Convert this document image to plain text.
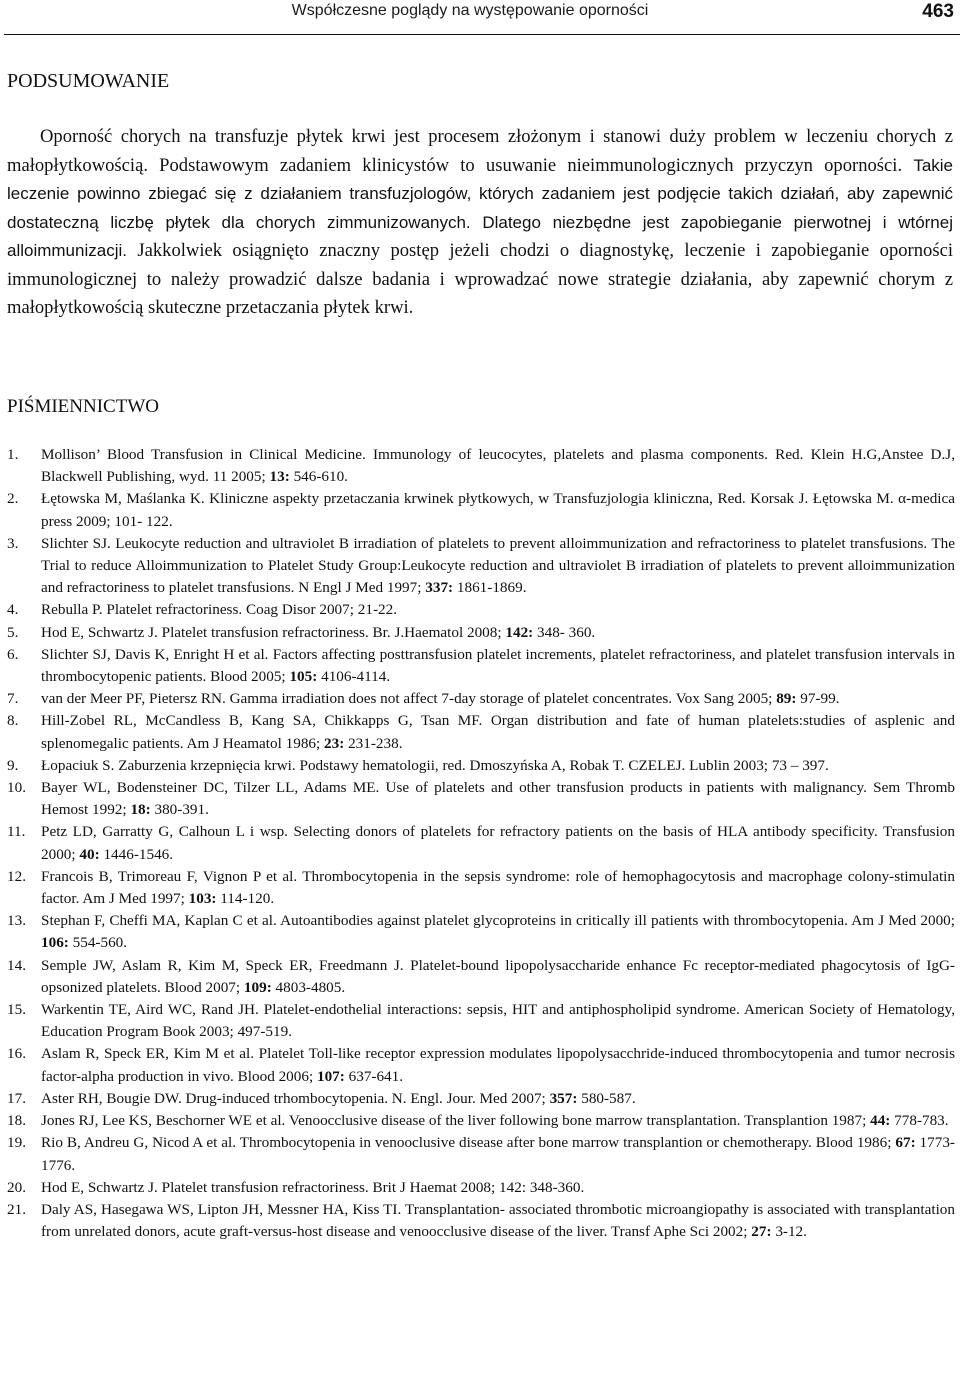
Współczesne poglądy na występowanie oporności	463
PODSUMOWANIE

Oporność chorych na transfuzje płytek krwi jest procesem złożonym i stanowi duży problem w leczeniu chorych z małopłytkowością. Podstawowym zadaniem klinicystów to usuwanie nieimmunologicznych przyczyn oporności. Takie leczenie powinno zbiegać się z działaniem transfuzjologów, których zadaniem jest podjęcie takich działań, aby zapewnić dostateczną liczbę płytek dla chorych zimmunizowanych. Dlatego niezbędne jest zapobieganie pierwotnej i wtórnej alloimmunizacji. Jakkolwiek osiągnięto znaczny postęp jeżeli chodzi o diagnostykę, leczenie i zapobieganie oporności immunologicznej to należy prowadzić dalsze badania i wprowadzać nowe strategie działania, aby zapewnić chorym z małopłytkowością skuteczne przetaczania płytek krwi.

PIŚMIENNICTWO
1.	Mollison’ Blood Transfusion in Clinical Medicine. Immunology of leucocytes, platelets and plasma components. Red. Klein H.G,Anstee D.J, Blackwell Publishing, wyd. 11 2005; 13: 546-610.
2.	Łętowska M, Maślanka K. Kliniczne aspekty przetaczania krwinek płytkowych, w Transfuzjologia kliniczna, Red. Korsak J. Łętowska M. α-medica press 2009; 101- 122.
3.	Slichter SJ. Leukocyte reduction and ultraviolet B irradiation of platelets to prevent alloimmunization and refractoriness to platelet transfusions. The Trial to reduce Alloimmunization to Platelet Study Group:Leukocyte reduction and ultraviolet B irradiation of platelets to prevent alloimmunization and refractoriness to platelet transfusions. N Engl J Med 1997; 337: 1861-1869.
4.	Rebulla P. Platelet refractoriness. Coag Disor 2007; 21-22.
5.	Hod E, Schwartz J. Platelet transfusion refractoriness. Br. J.Haematol 2008; 142: 348- 360.
6.	Slichter SJ, Davis K, Enright H et al. Factors affecting posttransfusion platelet increments, platelet refractoriness, and platelet transfusion intervals in thrombocytopenic patients. Blood 2005; 105: 4106-4114.
7.	van der Meer PF, Pietersz RN. Gamma irradiation does not affect 7-day storage of platelet concentrates. Vox Sang 2005; 89: 97-99.
8.	Hill-Zobel RL, McCandless B, Kang SA, Chikkapps G, Tsan MF. Organ distribution and fate of human platelets:studies of asplenic and splenomegalic patients. Am J Heamatol 1986; 23: 231-238.
9.	Łopaciuk S. Zaburzenia krzepnięcia krwi. Podstawy hematologii, red. Dmoszyńska A, Robak T. CZELEJ. Lublin 2003; 73 – 397.
10. Bayer WL, Bodensteiner DC, Tilzer LL, Adams ME. Use of platelets and other transfusion products in patients with malignancy. Sem Thromb Hemost 1992; 18: 380-391.
11.	Petz LD, Garratty G, Calhoun L i wsp. Selecting donors of platelets for refractory patients on the basis of HLA antibody specificity. Transfusion 2000; 40: 1446-1546.
12. Francois B, Trimoreau F, Vignon P et al. Thrombocytopenia in the sepsis syndrome: role of hemophagocytosis and macrophage colony-stimulatin factor. Am J Med 1997; 103: 114-120.
13. Stephan F, Cheffi MA, Kaplan C et al. Autoantibodies against platelet glycoproteins in critically ill patients with thrombocytopenia. Am J Med 2000; 106: 554-560.
14. Semple JW, Aslam R, Kim M, Speck ER, Freedmann J. Platelet-bound lipopolysaccharide enhance Fc receptor-mediated phagocytosis of IgG-opsonized platelets. Blood 2007; 109: 4803-4805.
15. Warkentin TE, Aird WC, Rand JH. Platelet-endothelial interactions: sepsis, HIT and antiphospholipid syndrome. American Society of Hematology, Education Program Book 2003; 497-519.
16. Aslam R, Speck ER, Kim M et al. Platelet Toll-like receptor expression modulates lipopolysacchride-induced thrombocytopenia and tumor necrosis factor-alpha production in vivo. Blood 2006; 107: 637-641.
17. Aster RH, Bougie DW. Drug-induced trhombocytopenia. N. Engl. Jour. Med 2007; 357: 580-587.
18. Jones RJ, Lee KS, Beschorner WE et al. Venoocclusive disease of the liver following bone marrow transplantation. Transplantion 1987; 44: 778-783.
19. Rio B, Andreu G, Nicod A et al. Thrombocytopenia in venooclusive disease after bone marrow transplantion or chemotherapy. Blood 1986; 67: 1773-1776.
20. Hod E, Schwartz J. Platelet transfusion refractoriness. Brit J Haemat 2008; 142: 348-360.
21. Daly AS, Hasegawa WS, Lipton JH, Messner HA, Kiss TI. Transplantation- associated thrombotic microangiopathy is associated with transplantation from unrelated donors, acute graft-versus-host disease and venoocclusive disease of the liver. Transf Aphe Sci 2002; 27: 3-12.
